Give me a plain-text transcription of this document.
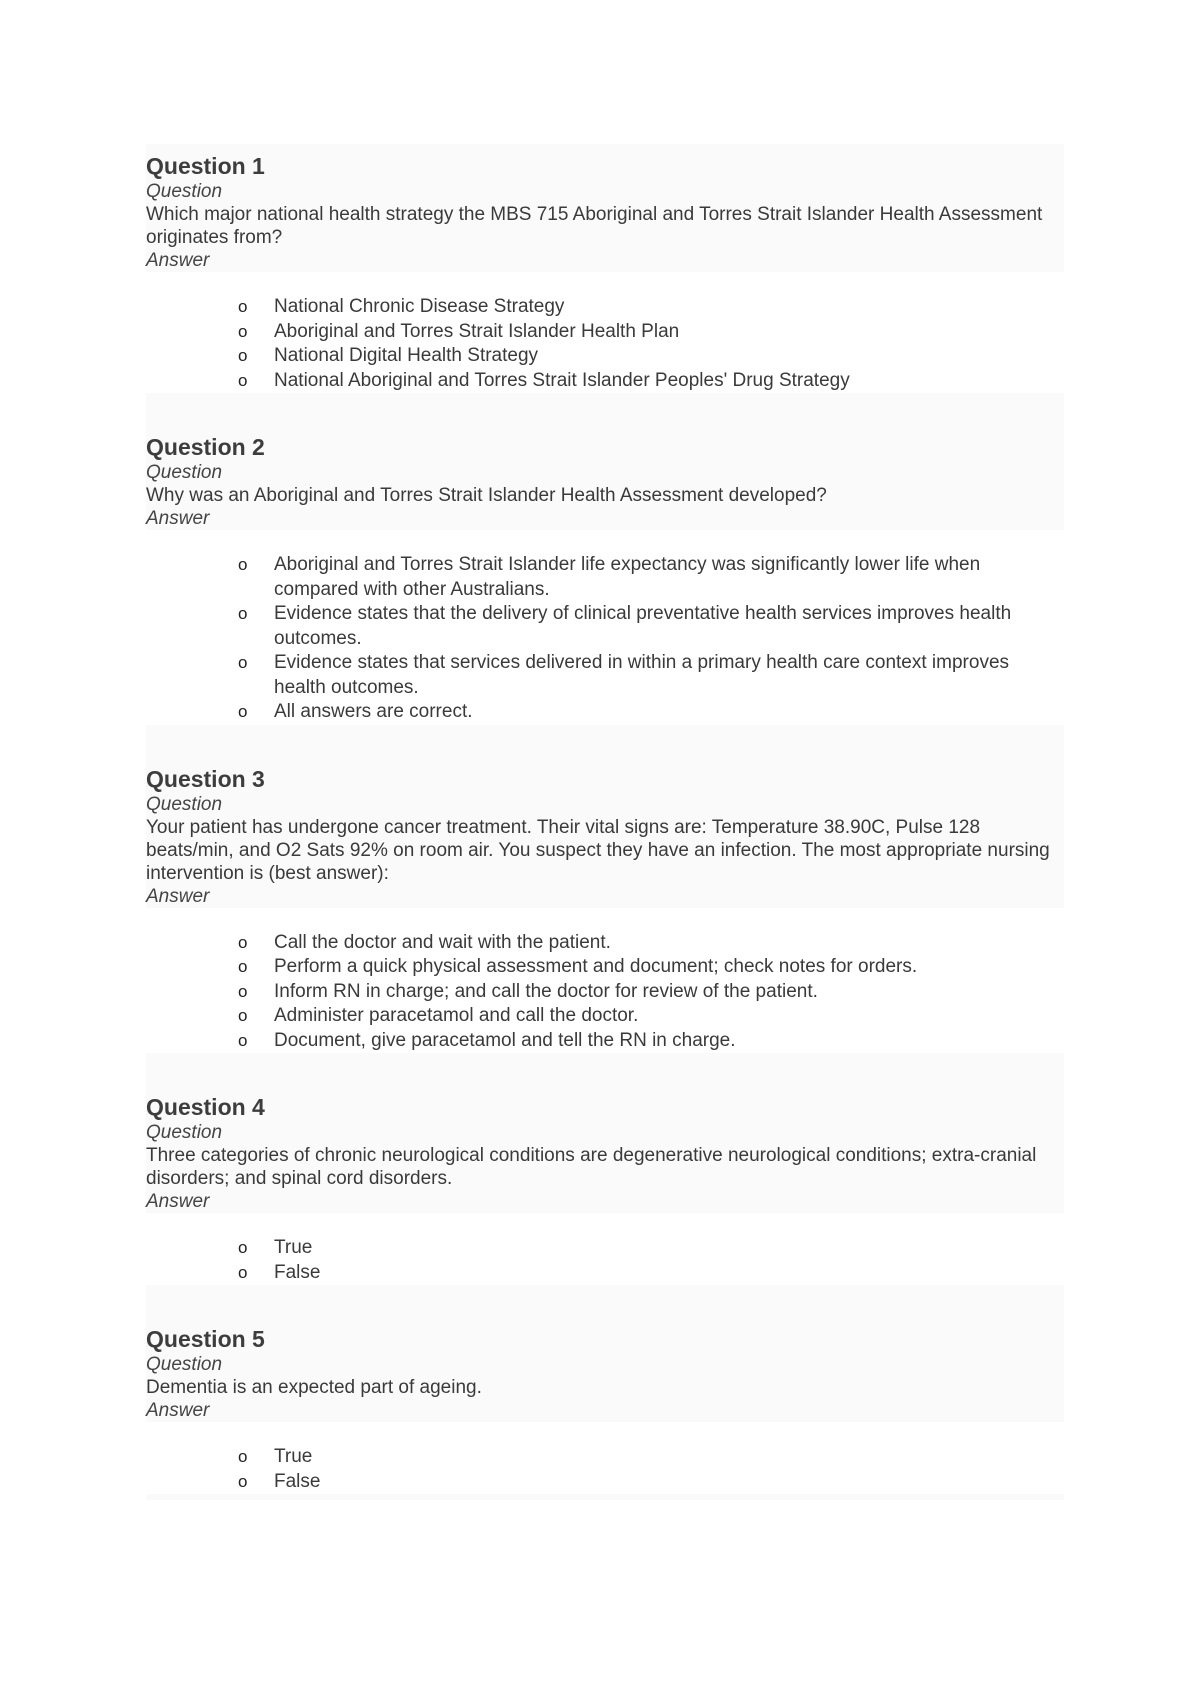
Question 1
Question
Which major national health strategy the MBS 715 Aboriginal and Torres Strait Islander Health Assessment originates from?
Answer
o National Chronic Disease Strategy
o Aboriginal and Torres Strait Islander Health Plan
o National Digital Health Strategy
o National Aboriginal and Torres Strait Islander Peoples' Drug Strategy
Question 2
Question
Why was an Aboriginal and Torres Strait Islander Health Assessment developed?
Answer
o Aboriginal and Torres Strait Islander life expectancy was significantly lower life when compared with other Australians.
o Evidence states that the delivery of clinical preventative health services improves health outcomes.
o Evidence states that services delivered in within a primary health care context improves health outcomes.
o All answers are correct.
Question 3
Question
Your patient has undergone cancer treatment. Their vital signs are: Temperature 38.90C, Pulse 128 beats/min, and O2 Sats 92% on room air. You suspect they have an infection. The most appropriate nursing intervention is (best answer):
Answer
o Call the doctor and wait with the patient.
o Perform a quick physical assessment and document; check notes for orders.
o Inform RN in charge; and call the doctor for review of the patient.
o Administer paracetamol and call the doctor.
o Document, give paracetamol and tell the RN in charge.
Question 4
Question
Three categories of chronic neurological conditions are degenerative neurological conditions; extra-cranial disorders; and spinal cord disorders.
Answer
o True
o False
Question 5
Question
Dementia is an expected part of ageing.
Answer
o True
o False
